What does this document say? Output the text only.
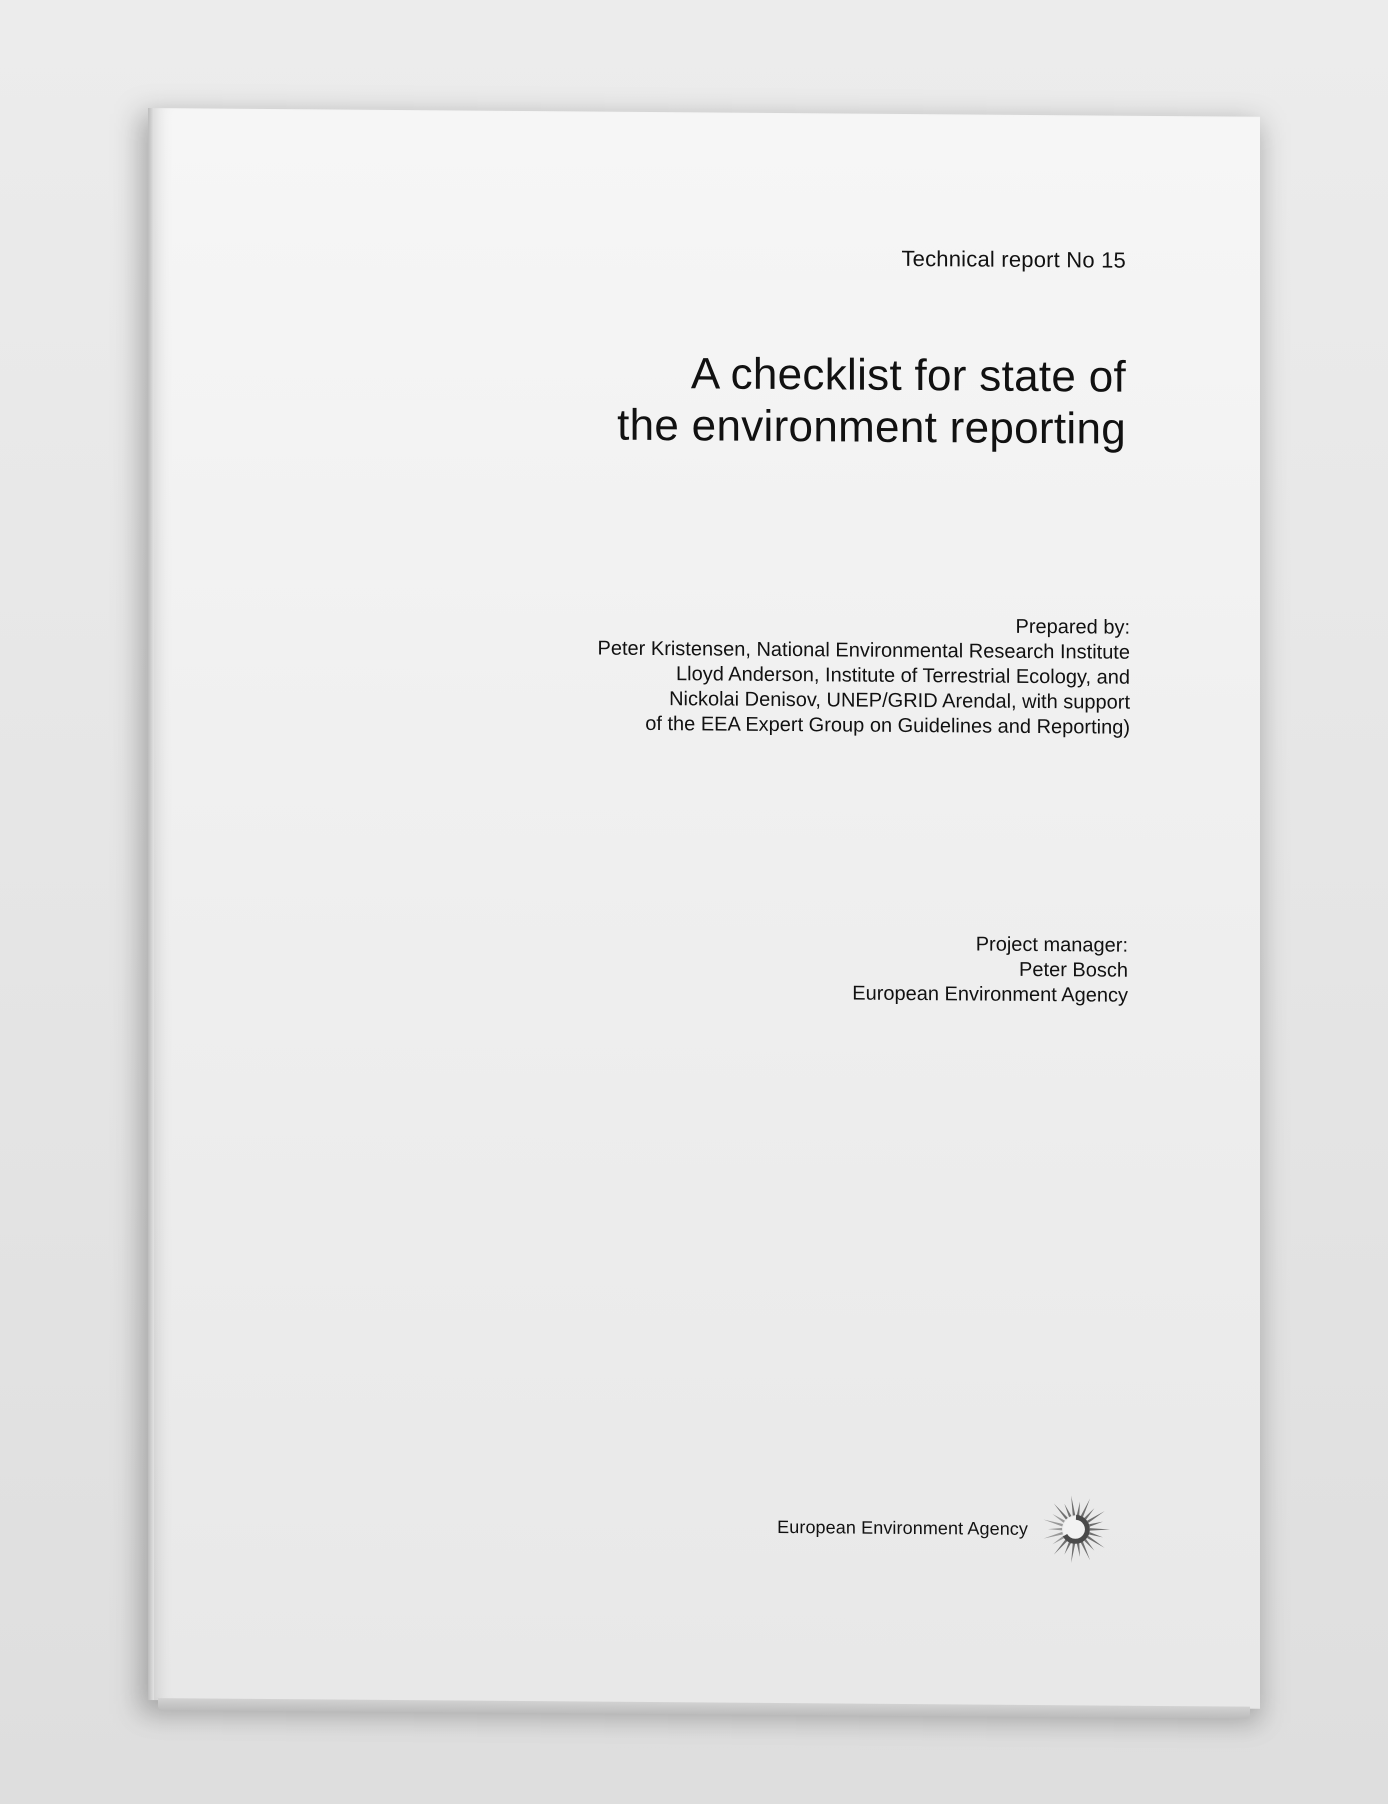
Technical report No 15
A checklist for state of
the environment reporting
Prepared by:
Peter Kristensen, National Environmental Research Institute
Lloyd Anderson, Institute of Terrestrial Ecology, and
Nickolai Denisov, UNEP/GRID Arendal, with support
of the EEA Expert Group on Guidelines and Reporting)
Project manager:
Peter Bosch
European Environment Agency
European Environment Agency
